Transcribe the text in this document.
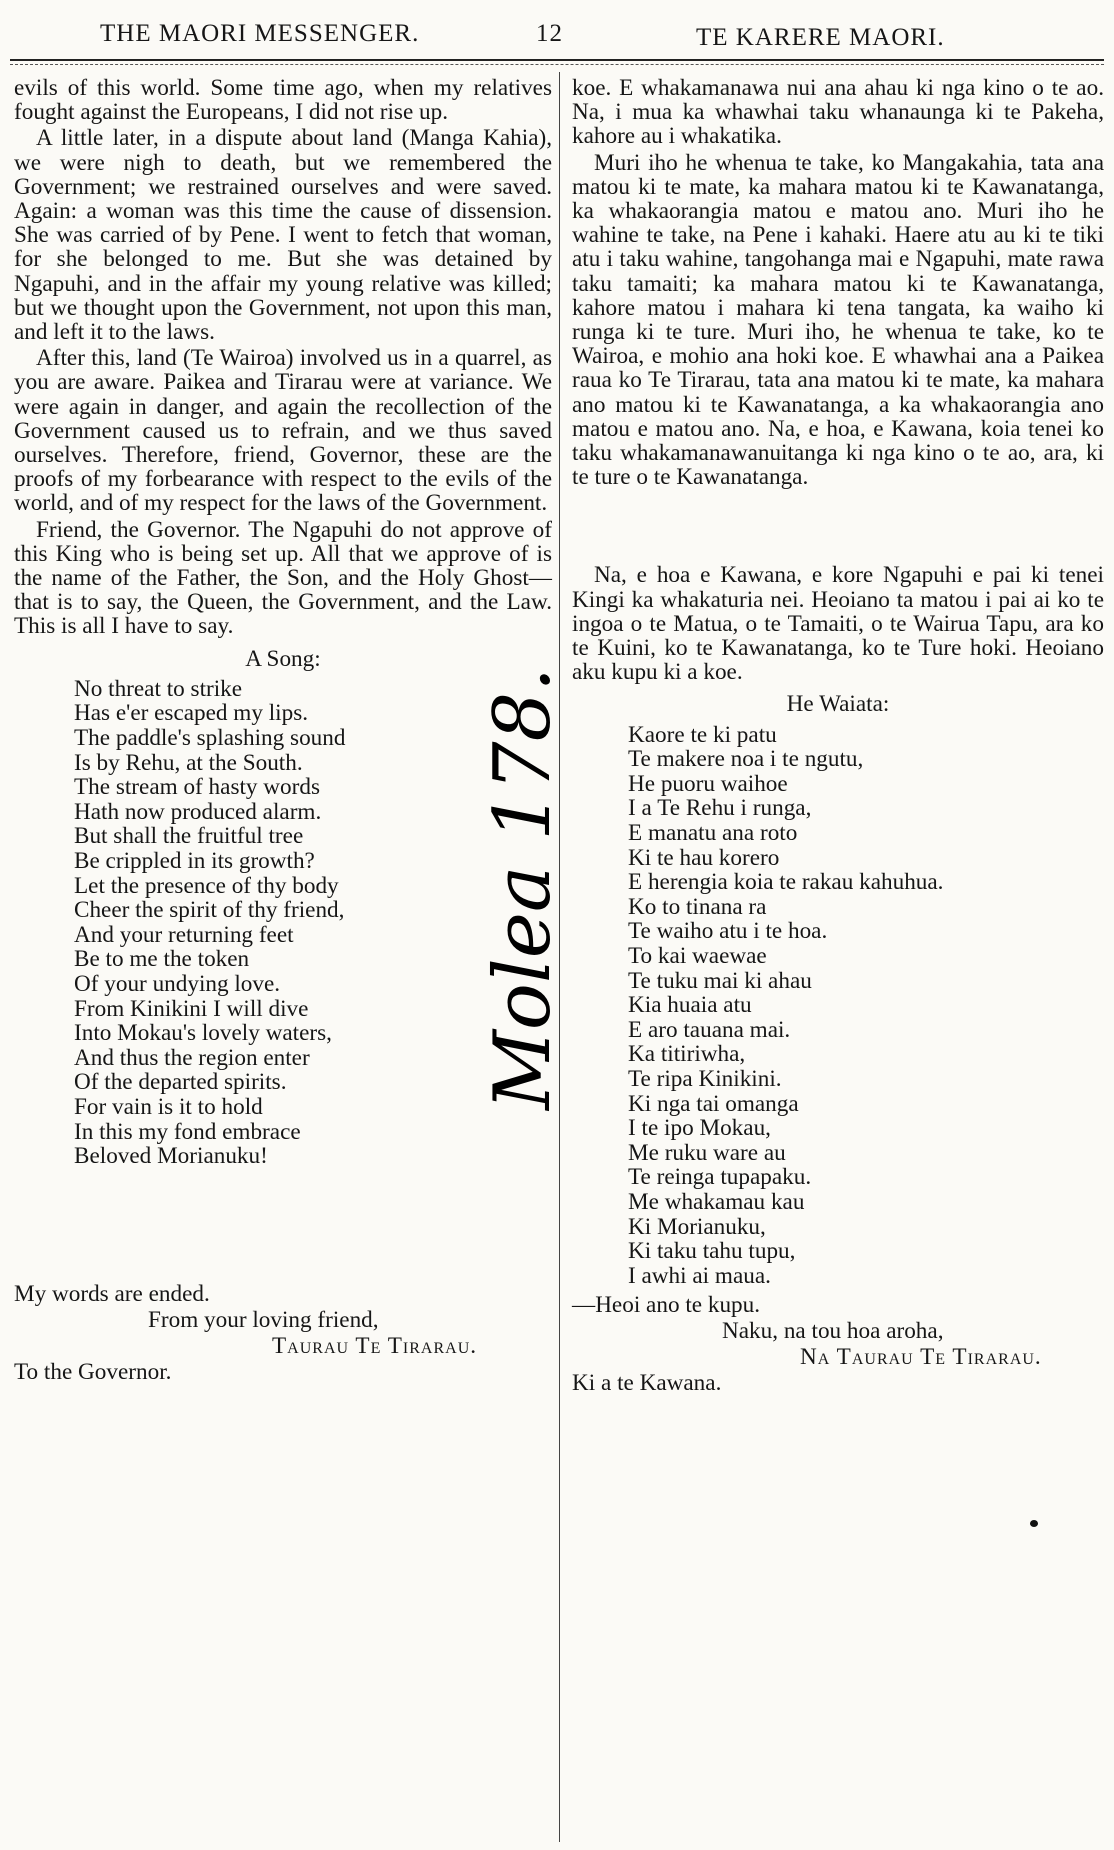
THE MAORI MESSENGER.	12	TE KARERE MAORI.

evils of this world. Some time ago, when my relatives fought against the Europeans, I did not rise up.

A little later, in a dispute about land (Manga Kahia), we were nigh to death, but we remembered the Government; we restrained ourselves and were saved. Again: a woman was this time the cause of dissension. She was carried of by Pene. I went to fetch that woman, for she belonged to me. But she was detained by Ngapuhi, and in the affair my young relative was killed; but we thought upon the Government, not upon this man, and left it to the laws.

After this, land (Te Wairoa) involved us in a quarrel, as you are aware. Paikea and Tirarau were at variance. We were again in danger, and again the recollection of the Government caused us to refrain, and we thus saved ourselves. Therefore, friend, Governor, these are the proofs of my forbearance with respect to the evils of the world, and of my respect for the laws of the Government.

Friend, the Governor. The Ngapuhi do not approve of this King who is being set up. All that we approve of is the name of the Father, the Son, and the Holy Ghost—that is to say, the Queen, the Government, and the Law. This is all I have to say.

A Song:
No threat to strike
Has e'er escaped my lips.
The paddle's splashing sound
Is by Rehu, at the South.
The stream of hasty words
Hath now produced alarm.
But shall the fruitful tree
Be crippled in its growth?
Let the presence of thy body
Cheer the spirit of thy friend,
And your returning feet
Be to me the token
Of your undying love.
From Kinikini I will dive
Into Mokau's lovely waters,
And thus the region enter
Of the departed spirits.
For vain is it to hold
In this my fond embrace
Beloved Morianuku!
My words are ended.
From your loving friend,
Taurau Te Tirarau.
To the Governor.

koe. E whakamanawa nui ana ahau ki nga kino o te ao. Na, i mua ka whawhai taku whanaunga ki te Pakeha, kahore au i whakatika.

Muri iho he whenua te take, ko Mangakahia, tata ana matou ki te mate, ka mahara matou ki te Kawanatanga, ka whakaorangia matou e matou ano. Muri iho he wahine te take, na Pene i kahaki. Haere atu au ki te tiki atu i taku wahine, tangohanga mai e Ngapuhi, mate rawa taku tamaiti; ka mahara matou ki te Kawanatanga, kahore matou i mahara ki tena tangata, ka waiho ki runga ki te ture. Muri iho, he whenua te take, ko te Wairoa, e mohio ana hoki koe. E whawhai ana a Paikea raua ko Te Tirarau, tata ana matou ki te mate, ka mahara ano matou ki te Kawanatanga, a ka whakaorangia ano matou e matou ano. Na, e hoa, e Kawana, koia tenei ko taku whakamanawanuitanga ki nga kino o te ao, ara, ki te ture o te Kawanatanga.

Na, e hoa e Kawana, e kore Ngapuhi e pai ki tenei Kingi ka whakaturia nei. Heoiano ta matou i pai ai ko te ingoa o te Matua, o te Tamaiti, o te Wairua Tapu, ara ko te Kuini, ko te Kawanatanga, ko te Ture hoki. Heoiano aku kupu ki a koe.

He Waiata:
Kaore te ki patu
Te makere noa i te ngutu,
He puoru waihoe
I a Te Rehu i runga,
E manatu ana roto
Ki te hau korero
E herengia koia te rakau kahuhua.
Ko to tinana ra
Te waiho atu i te hoa.
To kai waewae
Te tuku mai ki ahau
Kia huaia atu
E aro tauana mai.
Ka titiriwha,
Te ripa Kinikini.
Ki nga tai omanga
I te ipo Mokau,
Me ruku ware au
Te reinga tupapaku.
Me whakamau kau
Ki Morianuku,
Ki taku tahu tupu,
I awhi ai maua.
—Heoi ano te kupu.
Naku, na tou hoa aroha,
Na Taurau Te Tirarau.
Ki a te Kawana.
Molea 178.
